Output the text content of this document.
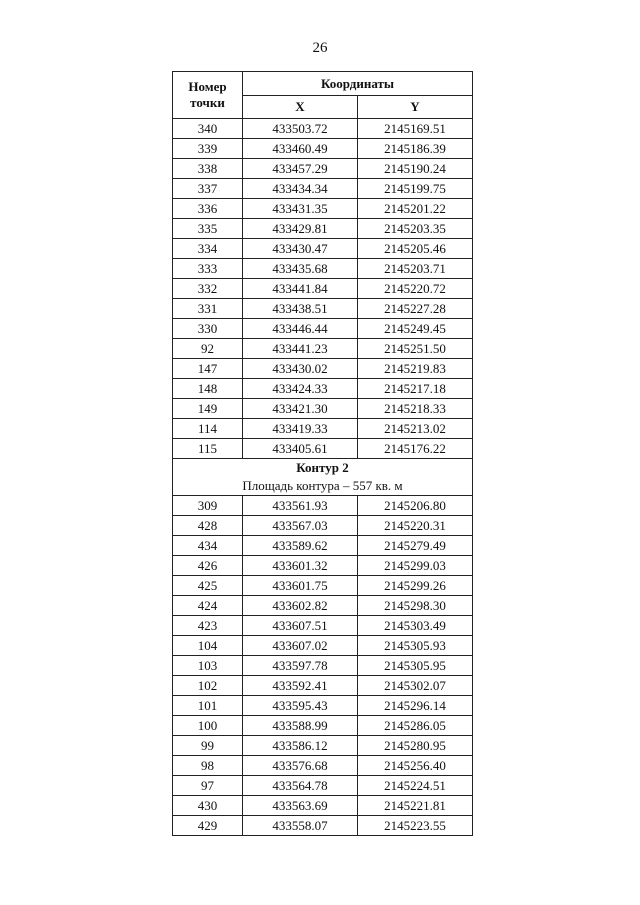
26
Номер
точки	Координаты	
	X	Y
340	433503.72	2145169.51
339	433460.49	2145186.39
338	433457.29	2145190.24
337	433434.34	2145199.75
336	433431.35	2145201.22
335	433429.81	2145203.35
334	433430.47	2145205.46
333	433435.68	2145203.71
332	433441.84	2145220.72
331	433438.51	2145227.28
330	433446.44	2145249.45
92	433441.23	2145251.50
147	433430.02	2145219.83
148	433424.33	2145217.18
149	433421.30	2145218.33
114	433419.33	2145213.02
115	433405.61	2145176.22

Контур 2
Площадь контура – 557 кв. м		

309	433561.93	2145206.80
428	433567.03	2145220.31
434	433589.62	2145279.49
426	433601.32	2145299.03
425	433601.75	2145299.26
424	433602.82	2145298.30
423	433607.51	2145303.49
104	433607.02	2145305.93
103	433597.78	2145305.95
102	433592.41	2145302.07
101	433595.43	2145296.14
100	433588.99	2145286.05
99	433586.12	2145280.95
98	433576.68	2145256.40
97	433564.78	2145224.51
430	433563.69	2145221.81
429	433558.07	2145223.55
